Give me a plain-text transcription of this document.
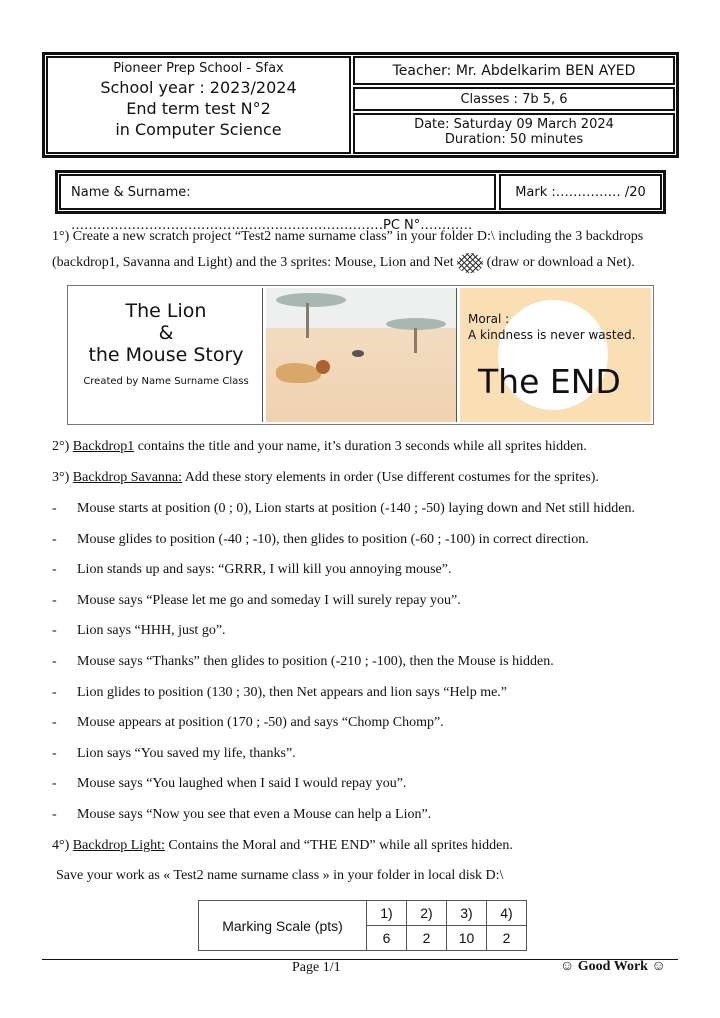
Pioneer Prep School - Sfax
School year : 2023/2024
End term test N°2
in Computer Science
Teacher: Mr. Abdelkarim BEN AYED
Classes : 7b 5, 6
Date: Saturday 09 March 2024
Duration: 50 minutes
Name & Surname: ………………………………………………………………PC N°…………
Mark :…………… /20
1°) Create a new scratch project “Test2 name surname class” in your folder D:\ including the 3 backdrops
(backdrop1, Savanna and Light) and the 3 sprites: Mouse, Lion and Net (draw or download a Net).
The Lion
&
the Mouse Story
Created by Name Surname Class
Moral :
A kindness is never wasted.
The END
2°) Backdrop1 contains the title and your name, it’s duration 3 seconds while all sprites hidden.
3°) Backdrop Savanna: Add these story elements in order (Use different costumes for the sprites).
- Mouse starts at position (0 ; 0), Lion starts at position (-140 ; -50) laying down and Net still hidden.
- Mouse glides to position (-40 ; -10), then glides to position (-60 ; -100) in correct direction.
- Lion stands up and says: “GRRR, I will kill you annoying mouse”.
- Mouse says “Please let me go and someday I will surely repay you”.
- Lion says “HHH, just go”.
- Mouse says “Thanks” then glides to position (-210 ; -100), then the Mouse is hidden.
- Lion glides to position (130 ; 30), then Net appears and lion says “Help me.”
- Mouse appears at position (170 ; -50) and says “Chomp Chomp”.
- Lion says “You saved my life, thanks”.
- Mouse says “You laughed when I said I would repay you”.
- Mouse says “Now you see that even a Mouse can help a Lion”.
4°) Backdrop Light: Contains the Moral and “THE END” while all sprites hidden.
Save your work as « Test2 name surname class » in your folder in local disk D:\
Marking Scale (pts)	1)	2)	3)	4)
	6	2	10	2
Page 1/1	☺ Good Work ☺
